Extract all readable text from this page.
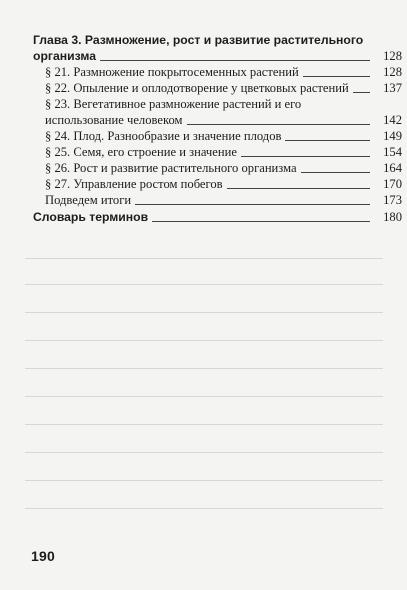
Глава 3. Размножение, рост и развитие растительного
организма	128
§ 21. Размножение покрытосеменных растений	128
§ 22. Опыление и оплодотворение у цветковых растений	137
§ 23. Вегетативное размножение растений и его
использование человеком	142
§ 24. Плод. Разнообразие и значение плодов	149
§ 25. Семя, его строение и значение	154
§ 26. Рост и развитие растительного организма	164
§ 27. Управление ростом побегов	170
Подведем итоги	173
Словарь терминов	180
190
